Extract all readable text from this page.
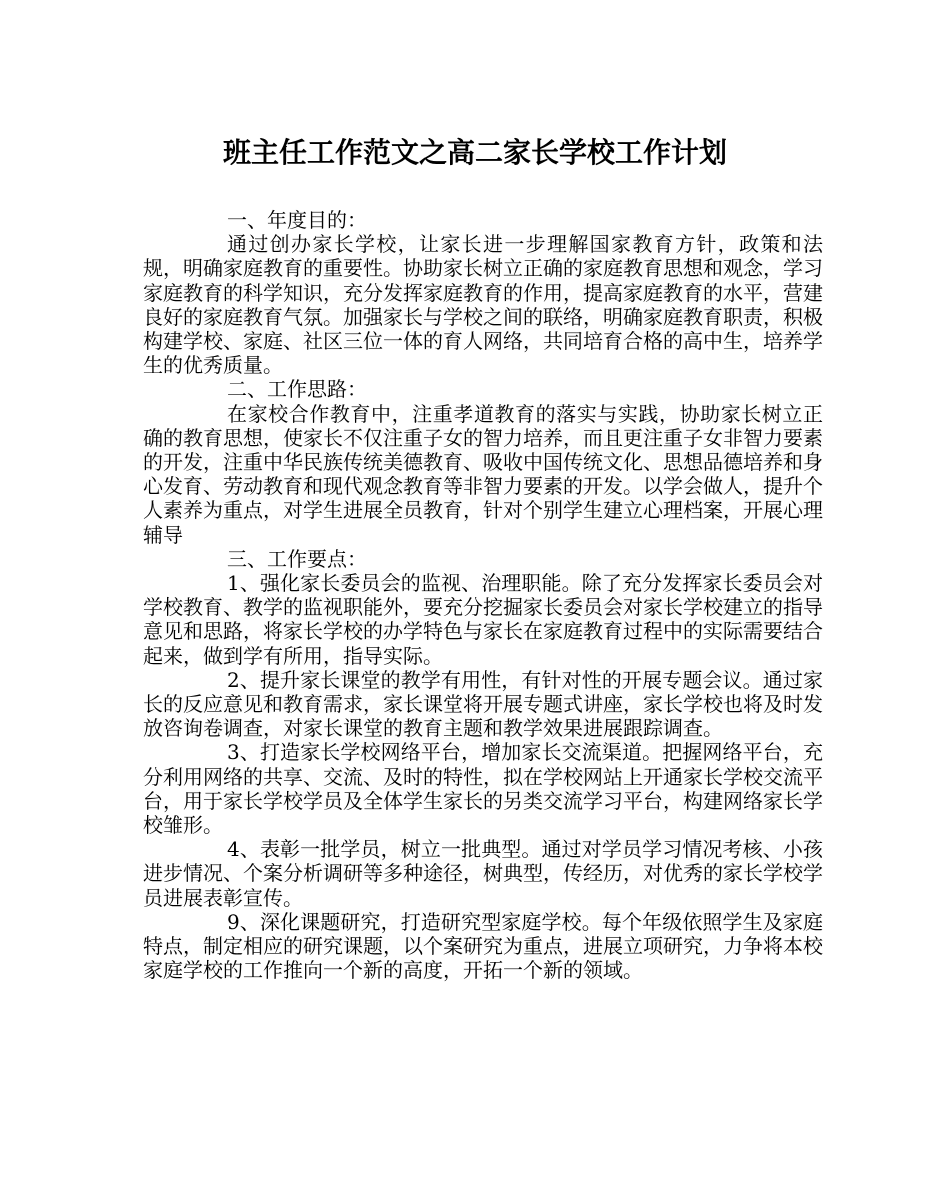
班主任工作范文之高二家长学校工作计划

一、年度目的：

通过创办家长学校，让家长进一步理解国家教育方针，政策和法规，明确家庭教育的重要性。协助家长树立正确的家庭教育思想和观念，学习家庭教育的科学知识，充分发挥家庭教育的作用，提高家庭教育的水平，营建良好的家庭教育气氛。加强家长与学校之间的联络，明确家庭教育职责，积极构建学校、家庭、社区三位一体的育人网络，共同培育合格的高中生，培养学生的优秀质量。

二、工作思路：

在家校合作教育中，注重孝道教育的落实与实践，协助家长树立正确的教育思想，使家长不仅注重子女的智力培养，而且更注重子女非智力要素的开发，注重中华民族传统美德教育、吸收中国传统文化、思想品德培养和身心发育、劳动教育和现代观念教育等非智力要素的开发。以学会做人，提升个人素养为重点，对学生进展全员教育，针对个别学生建立心理档案，开展心理辅导

三、工作要点：

1、强化家长委员会的监视、治理职能。除了充分发挥家长委员会对学校教育、教学的监视职能外，要充分挖掘家长委员会对家长学校建立的指导意见和思路，将家长学校的办学特色与家长在家庭教育过程中的实际需要结合起来，做到学有所用，指导实际。

2、提升家长课堂的教学有用性，有针对性的开展专题会议。通过家长的反应意见和教育需求，家长课堂将开展专题式讲座，家长学校也将及时发放咨询卷调查，对家长课堂的教育主题和教学效果进展跟踪调查。

3、打造家长学校网络平台，增加家长交流渠道。把握网络平台，充分利用网络的共享、交流、及时的特性，拟在学校网站上开通家长学校交流平台，用于家长学校学员及全体学生家长的另类交流学习平台，构建网络家长学校雏形。

4、表彰一批学员，树立一批典型。通过对学员学习情况考核、小孩进步情况、个案分析调研等多种途径，树典型，传经历，对优秀的家长学校学员进展表彰宣传。

9、深化课题研究，打造研究型家庭学校。每个年级依照学生及家庭特点，制定相应的研究课题，以个案研究为重点，进展立项研究，力争将本校家庭学校的工作推向一个新的高度，开拓一个新的领域。
